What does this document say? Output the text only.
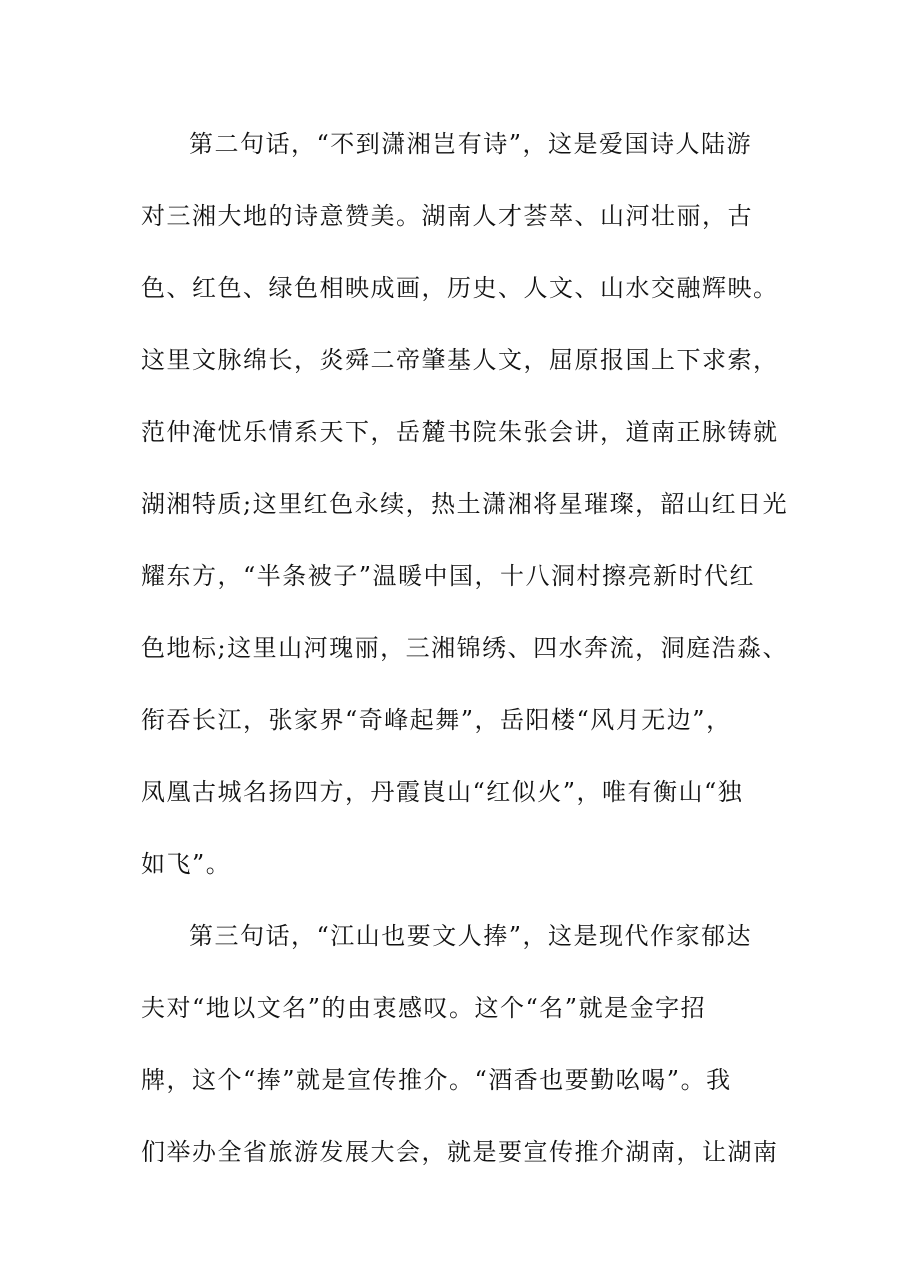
第二句话，“不到潇湘岂有诗”，这是爱国诗人陆游
对三湘大地的诗意赞美。湖南人才荟萃、山河壮丽，古
色、红色、绿色相映成画，历史、人文、山水交融辉映。
这里文脉绵长，炎舜二帝肇基人文，屈原报国上下求索，
范仲淹忧乐情系天下，岳麓书院朱张会讲，道南正脉铸就
湖湘特质;这里红色永续，热土潇湘将星璀璨，韶山红日光
耀东方，“半条被子”温暖中国，十八洞村擦亮新时代红
色地标;这里山河瑰丽，三湘锦绣、四水奔流，洞庭浩淼、
衔吞长江，张家界“奇峰起舞”，岳阳楼“风月无边”，
凤凰古城名扬四方，丹霞崀山“红似火”，唯有衡山“独
如飞”。
第三句话，“江山也要文人捧”，这是现代作家郁达
夫对“地以文名”的由衷感叹。这个“名”就是金字招
牌，这个“捧”就是宣传推介。“酒香也要勤吆喝”。我
们举办全省旅游发展大会，就是要宣传推介湖南，让湖南
